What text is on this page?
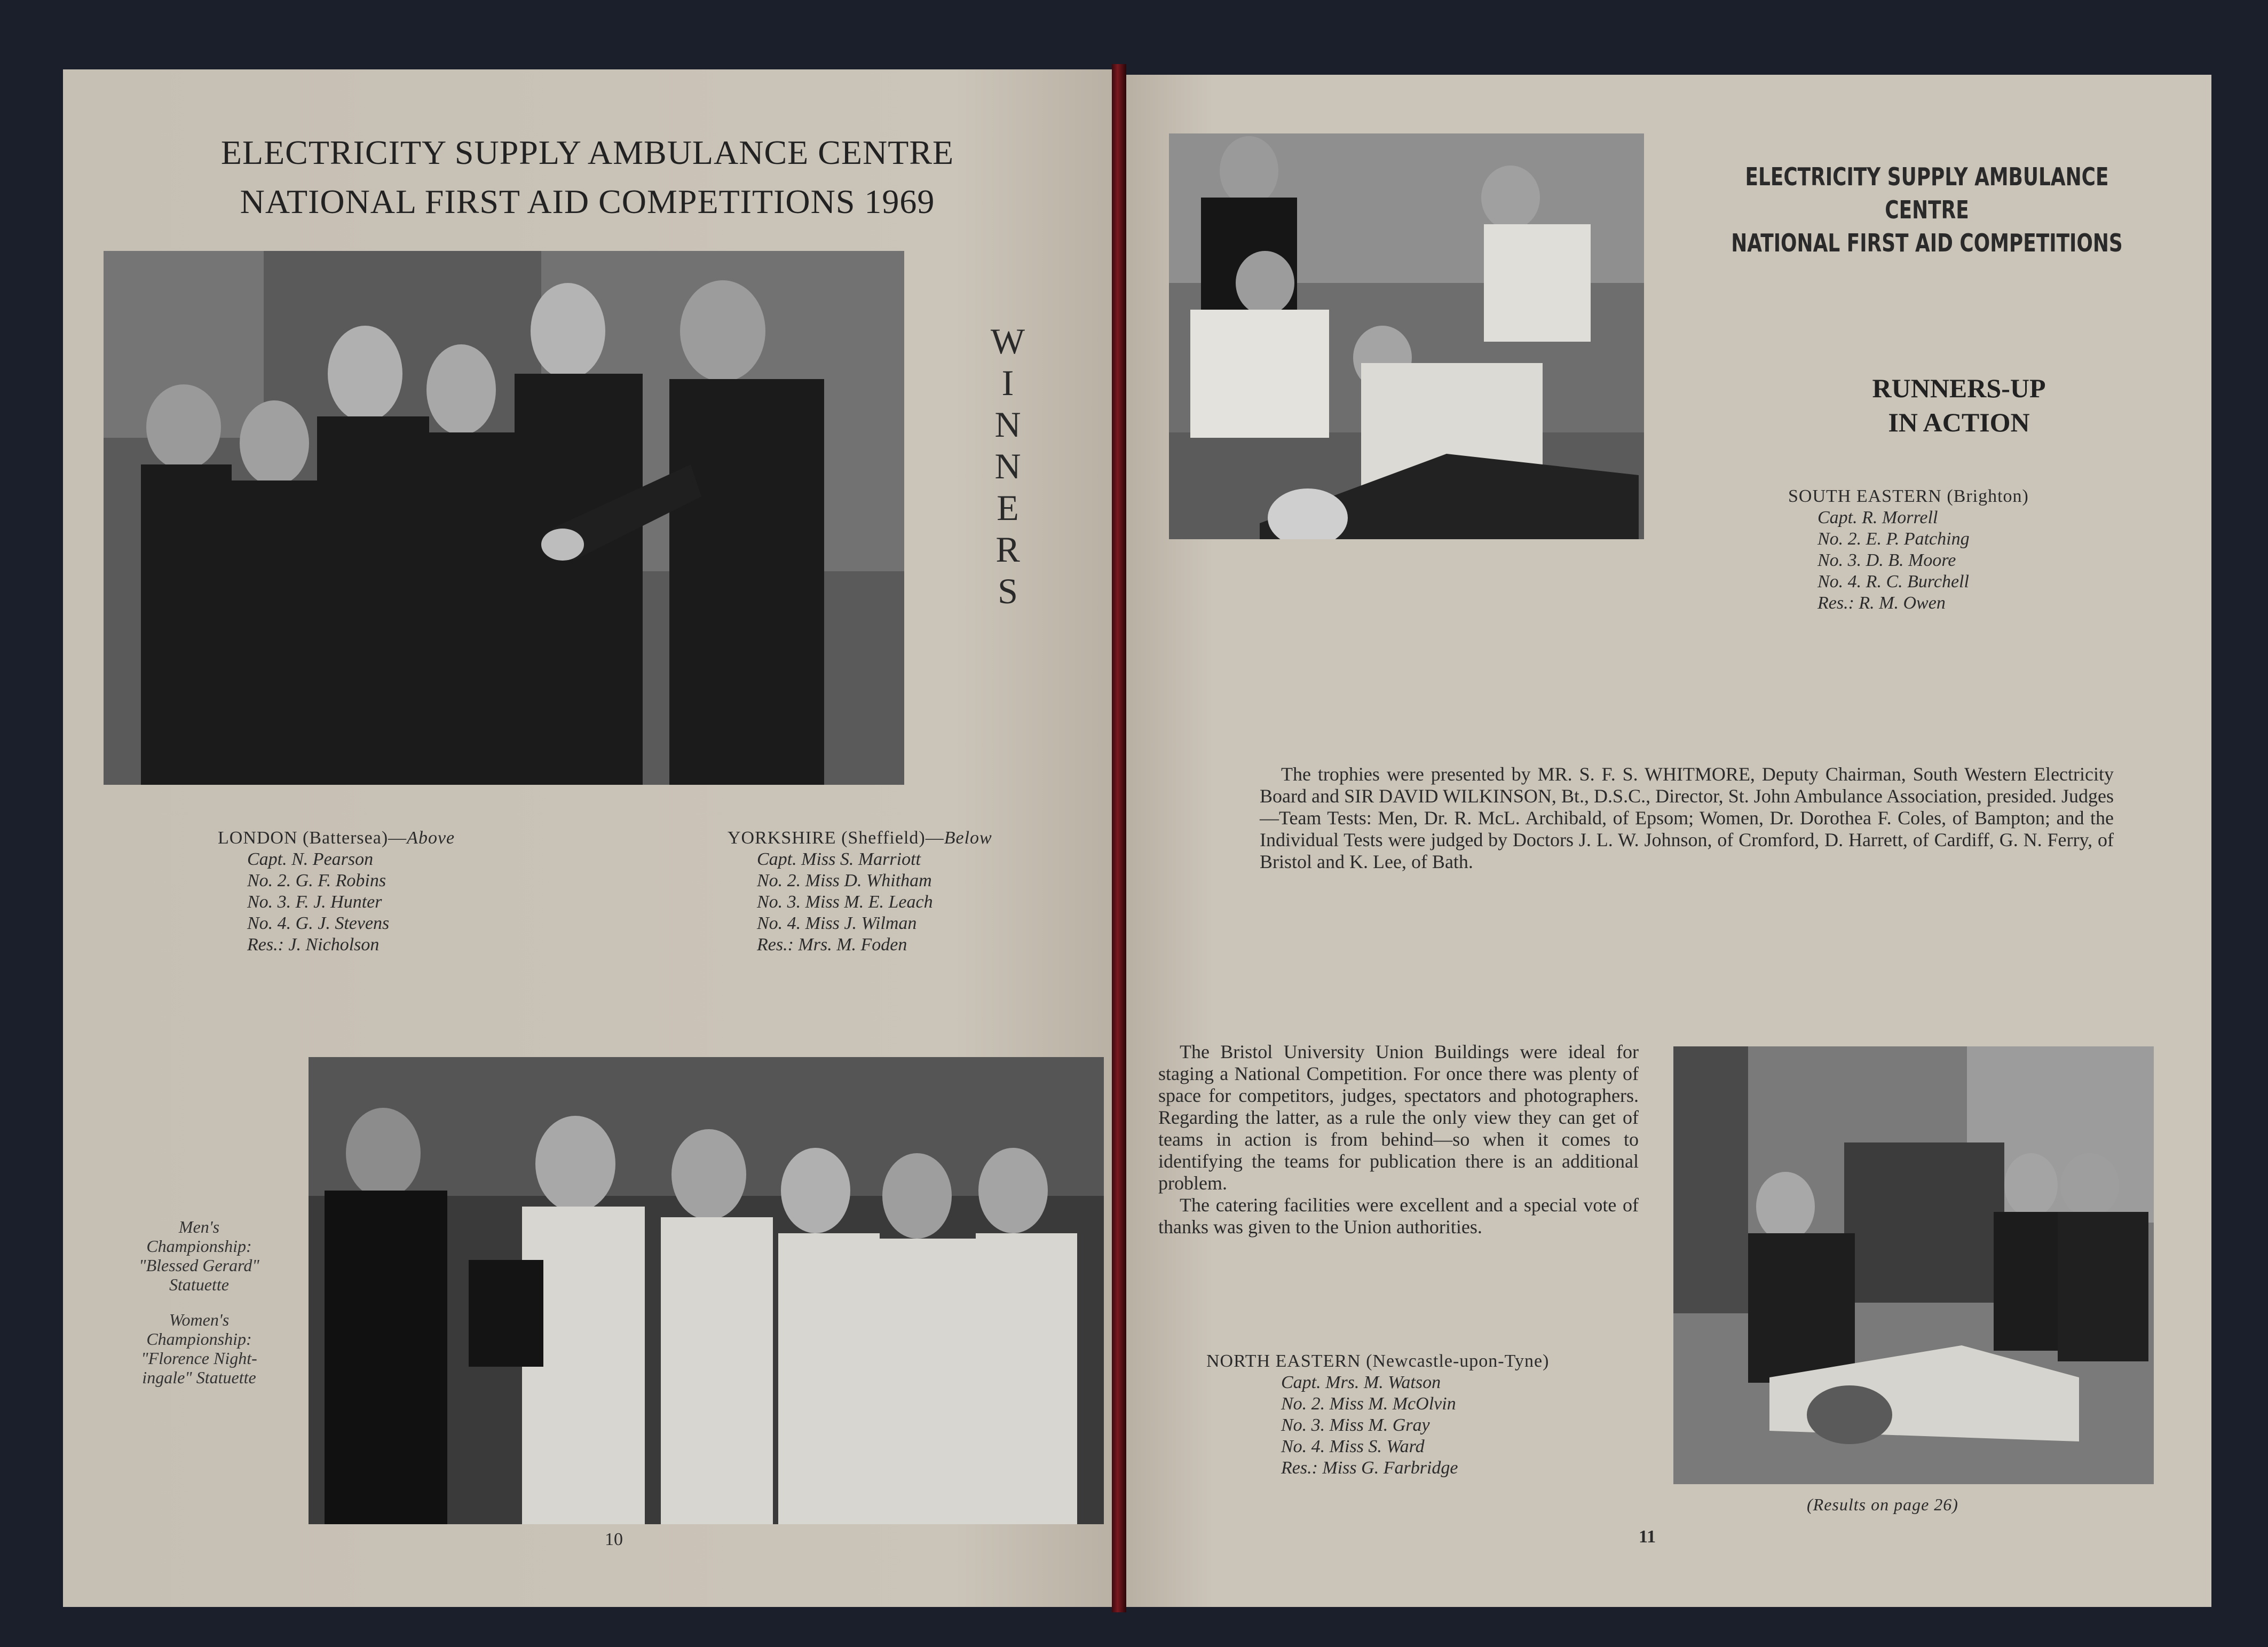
ELECTRICITY SUPPLY AMBULANCE CENTRE
NATIONAL FIRST AID COMPETITIONS 1969
W
I
N
N
E
R
S
LONDON (Battersea)—Above
Capt. N. Pearson
No. 2. G. F. Robins
No. 3. F. J. Hunter
No. 4. G. J. Stevens
Res.: J. Nicholson
YORKSHIRE (Sheffield)—Below
Capt. Miss S. Marriott
No. 2. Miss D. Whitham
No. 3. Miss M. E. Leach
No. 4. Miss J. Wilman
Res.: Mrs. M. Foden
Men's
Championship:
"Blessed Gerard"
Statuette
Women's
Championship:
"Florence Night-
ingale" Statuette
10
ELECTRICITY SUPPLY AMBULANCE CENTRE
NATIONAL FIRST AID COMPETITIONS
RUNNERS-UP
IN ACTION
SOUTH EASTERN (Brighton)
Capt. R. Morrell
No. 2. E. P. Patching
No. 3. D. B. Moore
No. 4. R. C. Burchell
Res.: R. M. Owen

The trophies were presented by MR. S. F. S. WHITMORE, Deputy Chairman, South Western Electricity Board and SIR DAVID WILKINSON, Bt., D.S.C., Director, St. John Ambulance Association, presided. Judges—Team Tests: Men, Dr. R. McL. Archibald, of Epsom; Women, Dr. Dorothea F. Coles, of Bampton; and the Individual Tests were judged by Doctors J. L. W. Johnson, of Cromford, D. Harrett, of Cardiff, G. N. Ferry, of Bristol and K. Lee, of Bath.

The Bristol University Union Buildings were ideal for staging a National Competition. For once there was plenty of space for competitors, judges, spectators and photographers. Regarding the latter, as a rule the only view they can get of teams in action is from behind—so when it comes to identifying the teams for publication there is an additional problem.

The catering facilities were excellent and a special vote of thanks was given to the Union authorities.

NORTH EASTERN (Newcastle-upon-Tyne)
Capt. Mrs. M. Watson
No. 2. Miss M. McOlvin
No. 3. Miss M. Gray
No. 4. Miss S. Ward
Res.: Miss G. Farbridge
(Results on page 26)
11
